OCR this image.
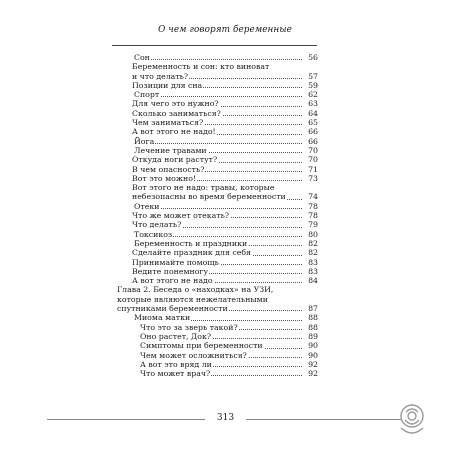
О чем говорят беременные
Сон	56
Беременность и сон: кто виноват
и что делать?	57
Позиции для сна	59
Спорт	62
Для чего это нужно?	63
Сколько заниматься?	64
Чем заниматься?	65
А вот этого не надо!	66
Йога	66
Лечение травами	70
Откуда ноги растут?	70
В чем опасность?	71
Вот это можно!	73
Вот этого не надо: травы, которые
небезопасны во время беременности	74
Отеки	78
Что же может отекать?	78
Что делать?	79
Токсикоз	80
Беременность и праздники	82
Сделайте праздник для себя	82
Принимайте помощь	83
Ведите понемногу	83
А вот этого не надо	84
Глава 2. Беседа о «находках» на УЗИ,
которые являются нежелательными
спутниками беременности	87
Миома матки	88
Что это за зверь такой?	88
Оно растет, Док?	89
Симптомы при беременности	90
Чем может осложниться?	90
А вот это вряд ли	92
Что может врач?	92
313
